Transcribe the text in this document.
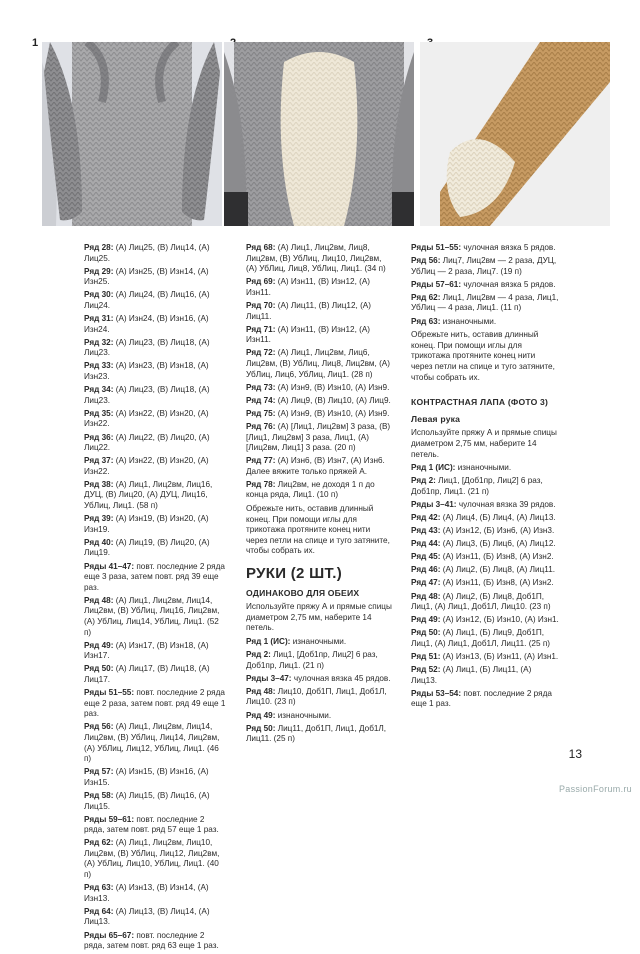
1
Ряд 28: (А) Лиц25, (В) Лиц14, (А) Лиц25.
Ряд 29: (А) Изн25, (В) Изн14, (А) Изн25.
Ряд 30: (А) Лиц24, (В) Лиц16, (А) Лиц24.
Ряд 31: (А) Изн24, (В) Изн16, (А) Изн24.
Ряд 32: (А) Лиц23, (В) Лиц18, (А) Лиц23.
Ряд 33: (А) Изн23, (В) Изн18, (А) Изн23.
Ряд 34: (А) Лиц23, (В) Лиц18, (А) Лиц23.
Ряд 35: (А) Изн22, (В) Изн20, (А) Изн22.
Ряд 36: (А) Лиц22, (В) Лиц20, (А) Лиц22.
Ряд 37: (А) Изн22, (В) Изн20, (А) Изн22.
Ряд 38: (А) Лиц1, Лиц2вм, Лиц16, ДУЦ, (В) Лиц20, (А) ДУЦ, Лиц16, УбЛиц, Лиц1. (58 п)
Ряд 39: (А) Изн19, (В) Изн20, (А) Изн19.
Ряд 40: (А) Лиц19, (В) Лиц20, (А) Лиц19.
Ряды 41–47: повт. последние 2 ряда еще 3 раза, затем повт. ряд 39 еще раз.
Ряд 48: (А) Лиц1, Лиц2вм, Лиц14, Лиц2вм, (В) УбЛиц, Лиц16, Лиц2вм, (А) УбЛиц, Лиц14, УбЛиц, Лиц1. (52 п)
Ряд 49: (А) Изн17, (В) Изн18, (А) Изн17.
Ряд 50: (А) Лиц17, (В) Лиц18, (А) Лиц17.
Ряды 51–55: повт. последние 2 ряда еще 2 раза, затем повт. ряд 49 еще 1 раз.
Ряд 56: (А) Лиц1, Лиц2вм, Лиц14, Лиц2вм, (В) УбЛиц, Лиц14, Лиц2вм, (А) УбЛиц, Лиц12, УбЛиц, Лиц1. (46 п)
Ряд 57: (А) Изн15, (В) Изн16, (А) Изн15.
Ряд 58: (А) Лиц15, (В) Лиц16, (А) Лиц15.
Ряды 59–61: повт. последние 2 ряда, затем повт. ряд 57 еще 1 раз.
Ряд 62: (А) Лиц1, Лиц2вм, Лиц10, Лиц2вм, (В) УбЛиц, Лиц12, Лиц2вм, (А) УбЛиц, Лиц10, УбЛиц, Лиц1. (40 п)
Ряд 63: (А) Изн13, (В) Изн14, (А) Изн13.
Ряд 64: (А) Лиц13, (В) Лиц14, (А) Лиц13.
Ряды 65–67: повт. последние 2 ряда, затем повт. ряд 63 еще 1 раз.
Ряд 68: (А) Лиц1, Лиц2вм, Лиц8, Лиц2вм, (В) УбЛиц, Лиц10, Лиц2вм, (А) УбЛиц, Лиц8, УбЛиц, Лиц1. (34 п)
Ряд 69: (А) Изн11, (В) Изн12, (А) Изн11.
Ряд 70: (А) Лиц11, (В) Лиц12, (А) Лиц11.
Ряд 71: (А) Изн11, (В) Изн12, (А) Изн11.
Ряд 72: (А) Лиц1, Лиц2вм, Лиц6, Лиц2вм, (В) УбЛиц, Лиц8, Лиц2вм, (А) УбЛиц, Лиц6, УбЛиц, Лиц1. (28 п)
Ряд 73: (А) Изн9, (В) Изн10, (А) Изн9.
Ряд 74: (А) Лиц9, (В) Лиц10, (А) Лиц9.
Ряд 75: (А) Изн9, (В) Изн10, (А) Изн9.
Ряд 76: (А) [Лиц1, Лиц2вм] 3 раза, (В) [Лиц1, Лиц2вм] 3 раза, Лиц1, (А) [Лиц2вм, Лиц1] 3 раза. (20 п)
Ряд 77: (А) Изн6, (В) Изн7, (А) Изн6. Далее вяжите только пряжей А.
Ряд 78: Лиц2вм, не доходя 1 п до конца ряда, Лиц1. (10 п)
Обрежьте нить, оставив длинный конец. При помощи иглы для трикотажа протяните конец нити через петли на спице и туго затяните, чтобы собрать их.
РУКИ (2 ШТ.)
ОДИНАКОВО ДЛЯ ОБЕИХ
Используйте пряжу А и прямые спицы диаметром 2,75 мм, наберите 14 петель.
Ряд 1 (ИС): изнаночными.
Ряд 2: Лиц1, [Доб1пр, Лиц2] 6 раз, Доб1пр, Лиц1. (21 п)
Ряды 3–47: чулочная вязка 45 рядов.
Ряд 48: Лиц10, Доб1П, Лиц1, Доб1Л, Лиц10. (23 п)
Ряд 49: изнаночными.
Ряд 50: Лиц11, Доб1П, Лиц1, Доб1Л, Лиц11. (25 п)
Ряды 51–55: чулочная вязка 5 рядов.
Ряд 56: Лиц7, Лиц2вм — 2 раза, ДУЦ, УбЛиц — 2 раза, Лиц7. (19 п)
Ряды 57–61: чулочная вязка 5 рядов.
Ряд 62: Лиц1, Лиц2вм — 4 раза, Лиц1, УбЛиц — 4 раза, Лиц1. (11 п)
Ряд 63: изнаночными.
Обрежьте нить, оставив длинный конец. При помощи иглы для трикотажа протяните конец нити через петли на спице и туго затяните, чтобы собрать их.
КОНТРАСТНАЯ ЛАПА (ФОТО 3)
Левая рука
Используйте пряжу А и прямые спицы диаметром 2,75 мм, наберите 14 петель.
Ряд 1 (ИС): изнаночными.
Ряд 2: Лиц1, [Доб1пр, Лиц2] 6 раз, Доб1пр, Лиц1. (21 п)
Ряды 3–41: чулочная вязка 39 рядов.
Ряд 42: (А) Лиц4, (Б) Лиц4, (А) Лиц13.
Ряд 43: (А) Изн12, (Б) Изн6, (А) Изн3.
Ряд 44: (А) Лиц3, (Б) Лиц6, (А) Лиц12.
Ряд 45: (А) Изн11, (Б) Изн8, (А) Изн2.
Ряд 46: (А) Лиц2, (Б) Лиц8, (А) Лиц11.
Ряд 47: (А) Изн11, (Б) Изн8, (А) Изн2.
Ряд 48: (А) Лиц2, (Б) Лиц8, Доб1П, Лиц1, (А) Лиц1, Доб1Л, Лиц10. (23 п)
Ряд 49: (А) Изн12, (Б) Изн10, (А) Изн1.
Ряд 50: (А) Лиц1, (Б) Лиц9, Доб1П, Лиц1, (А) Лиц1, Доб1Л, Лиц11. (25 п)
Ряд 51: (А) Изн13, (Б) Изн11, (А) Изн1.
Ряд 52: (А) Лиц1, (Б) Лиц11, (А) Лиц13.
Ряды 53–54: повт. последние 2 ряда еще 1 раз.
13
PassionForum.ru
